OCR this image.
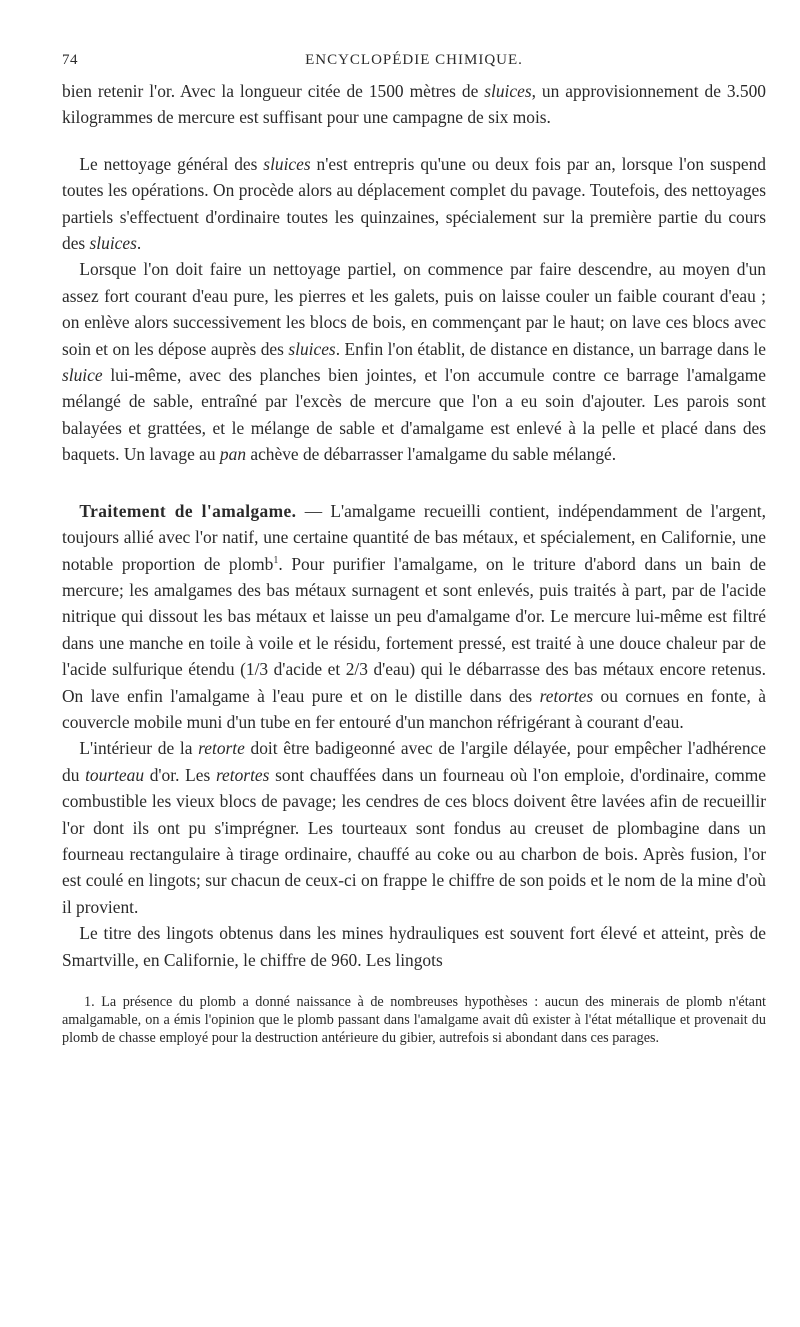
74	ENCYCLOPÉDIE CHIMIQUE.

bien retenir l'or. Avec la longueur citée de 1500 mètres de sluices, un approvisionnement de 3.500 kilogrammes de mercure est suffisant pour une campagne de six mois.

 Le nettoyage général des sluices n'est entrepris qu'une ou deux fois par an, lorsque l'on suspend toutes les opérations. On procède alors au déplacement complet du pavage. Toutefois, des nettoyages partiels s'effectuent d'ordinaire toutes les quinzaines, spécialement sur la première partie du cours des sluices.

 Lorsque l'on doit faire un nettoyage partiel, on commence par faire descendre, au moyen d'un assez fort courant d'eau pure, les pierres et les galets, puis on laisse couler un faible courant d'eau ; on enlève alors successivement les blocs de bois, en commençant par le haut; on lave ces blocs avec soin et on les dépose auprès des sluices. Enfin l'on établit, de distance en distance, un barrage dans le sluice lui-même, avec des planches bien jointes, et l'on accumule contre ce barrage l'amalgame mélangé de sable, entraîné par l'excès de mercure que l'on a eu soin d'ajouter. Les parois sont balayées et grattées, et le mélange de sable et d'amalgame est enlevé à la pelle et placé dans des baquets. Un lavage au pan achève de débarrasser l'amalgame du sable mélangé.

 Traitement de l'amalgame. — L'amalgame recueilli contient, indépendamment de l'argent, toujours allié avec l'or natif, une certaine quantité de bas métaux, et spécialement, en Californie, une notable proportion de plomb$^1$. Pour purifier l'amalgame, on le triture d'abord dans un bain de mercure; les amalgames des bas métaux surnagent et sont enlevés, puis traités à part, par de l'acide nitrique qui dissout les bas métaux et laisse un peu d'amalgame d'or. Le mercure lui-même est filtré dans une manche en toile à voile et le résidu, fortement pressé, est traité à une douce chaleur par de l'acide sulfurique étendu (1/3 d'acide et 2/3 d'eau) qui le débarrasse des bas métaux encore retenus. On lave enfin l'amalgame à l'eau pure et on le distille dans des retortes ou cornues en fonte, à couvercle mobile muni d'un tube en fer entouré d'un manchon réfrigérant à courant d'eau.

 L'intérieur de la retorte doit être badigeonné avec de l'argile délayée, pour empêcher l'adhérence du tourteau d'or. Les retortes sont chauffées dans un fourneau où l'on emploie, d'ordinaire, comme combustible les vieux blocs de pavage; les cendres de ces blocs doivent être lavées afin de recueillir l'or dont ils ont pu s'imprégner. Les tourteaux sont fondus au creuset de plombagine dans un fourneau rectangulaire à tirage ordinaire, chauffé au coke ou au charbon de bois. Après fusion, l'or est coulé en lingots; sur chacun de ceux-ci on frappe le chiffre de son poids et le nom de la mine d'où il provient.

 Le titre des lingots obtenus dans les mines hydrauliques est souvent fort élevé et atteint, près de Smartville, en Californie, le chiffre de 960. Les lingots

1. La présence du plomb a donné naissance à de nombreuses hypothèses : aucun des minerais de plomb n'étant amalgamable, on a émis l'opinion que le plomb passant dans l'amalgame avait dû exister à l'état métallique et provenait du plomb de chasse employé pour la destruction antérieure du gibier, autrefois si abondant dans ces parages.
